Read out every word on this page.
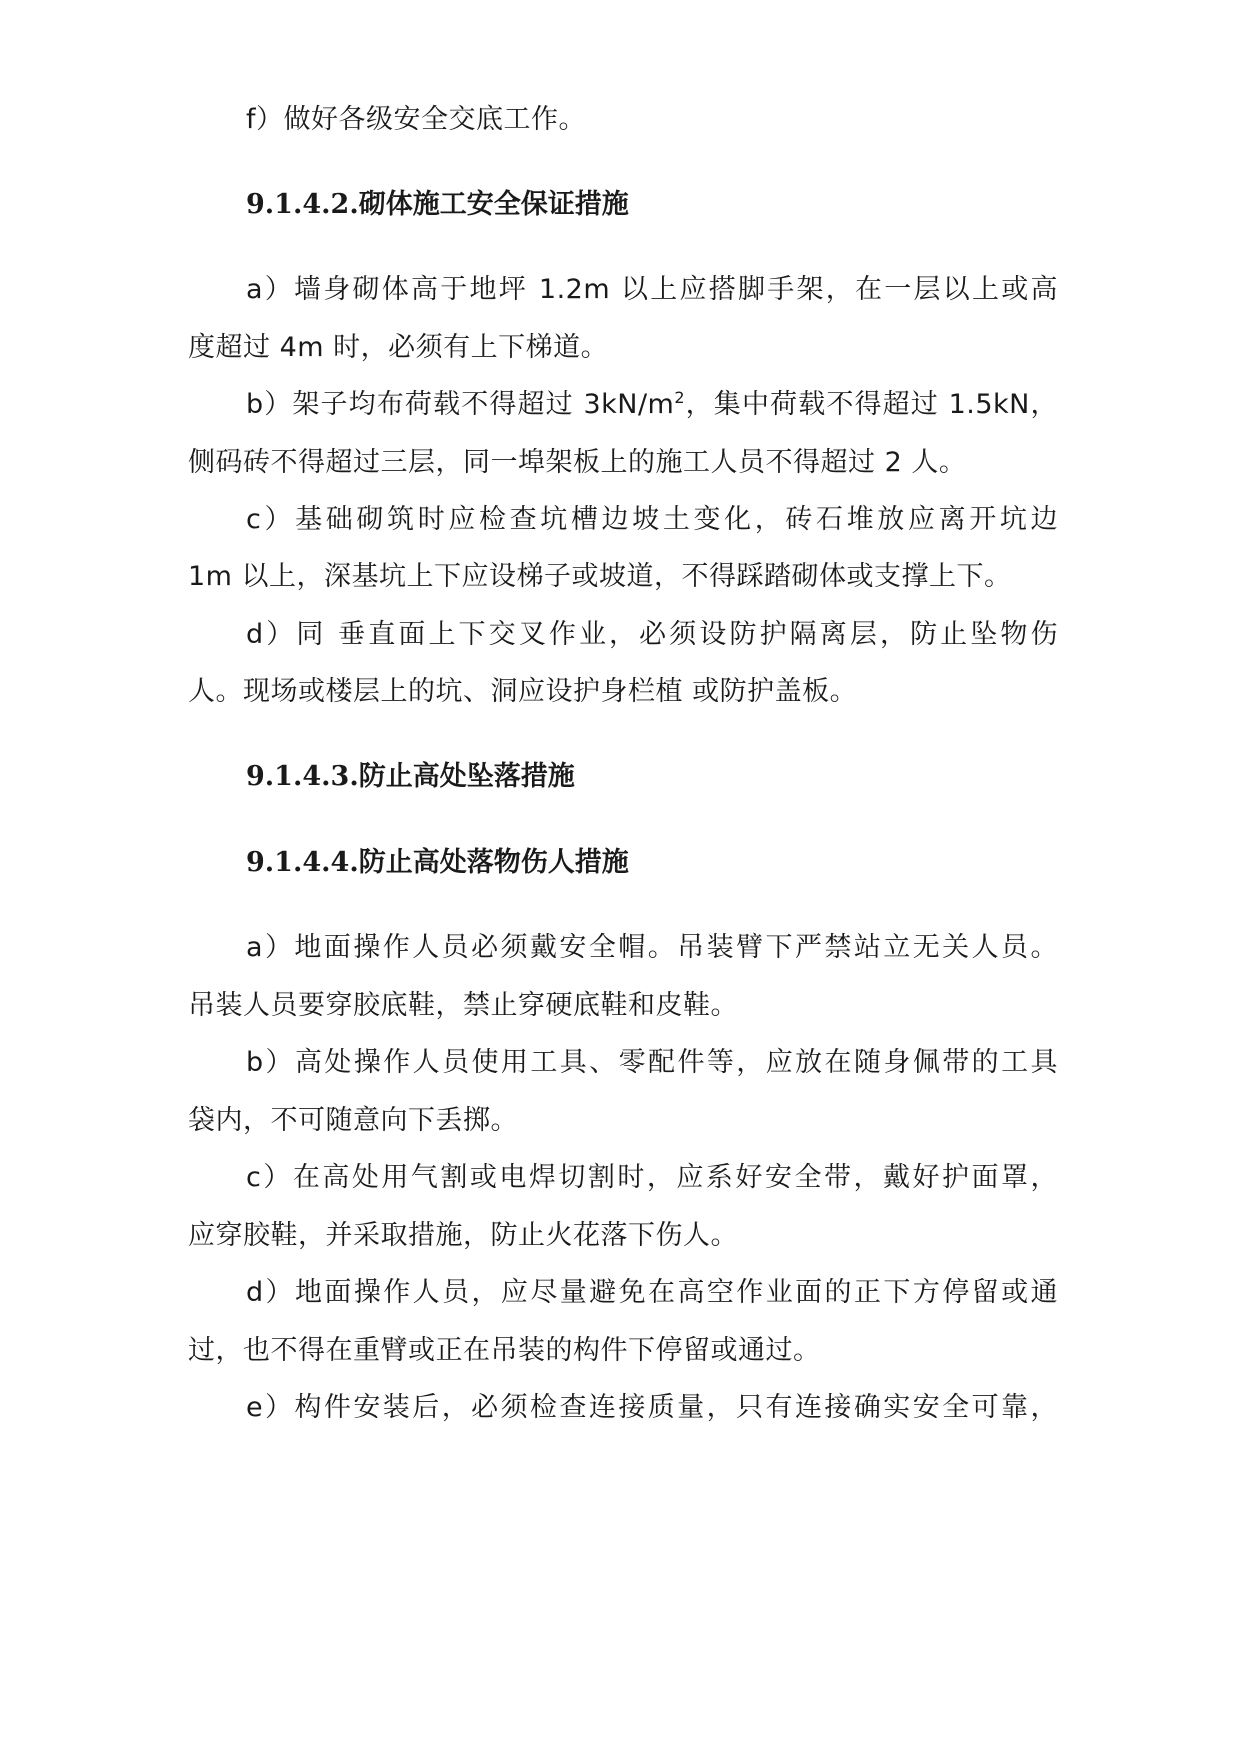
f）做好各级安全交底工作。
9.1.4.2.砌体施工安全保证措施
a）墙身砌体高于地坪 1.2m 以上应搭脚手架，在一层以上或高
度超过 4m 时，必须有上下梯道。
b）架子均布荷载不得超过 $3kN/m^2$，集中荷载不得超过 1.5kN，
侧码砖不得超过三层，同一埠架板上的施工人员不得超过 2 人。
c）基础砌筑时应检查坑槽边坡土变化，砖石堆放应离开坑边
1m 以上，深基坑上下应设梯子或坡道，不得踩踏砌体或支撑上下。
d）同 垂直面上下交叉作业，必须设防护隔离层，防止坠物伤
人。现场或楼层上的坑、洞应设护身栏植 或防护盖板。
9.1.4.3.防止高处坠落措施
9.1.4.4.防止高处落物伤人措施
a）地面操作人员必须戴安全帽。吊装臂下严禁站立无关人员。
吊装人员要穿胶底鞋，禁止穿硬底鞋和皮鞋。
b）高处操作人员使用工具、零配件等，应放在随身佩带的工具
袋内，不可随意向下丢掷。
c）在高处用气割或电焊切割时，应系好安全带，戴好护面罩，
应穿胶鞋，并采取措施，防止火花落下伤人。
d）地面操作人员，应尽量避免在高空作业面的正下方停留或通
过，也不得在重臂或正在吊装的构件下停留或通过。
e）构件安装后，必须检查连接质量，只有连接确实安全可靠，
